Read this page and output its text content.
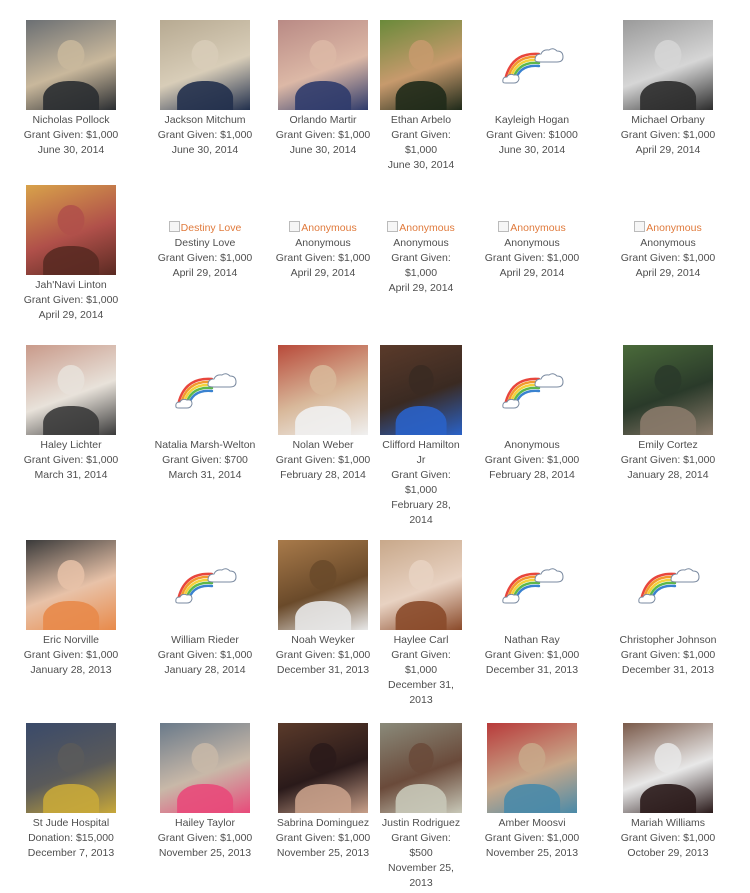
Nicholas Pollock
Grant Given: $1,000
June 30, 2014
Jackson Mitchum
Grant Given: $1,000
June 30, 2014
Orlando Martir
Grant Given: $1,000
June 30, 2014
Ethan Arbelo
Grant Given: $1,000
June 30, 2014
Kayleigh Hogan
Grant Given: $1000
June 30, 2014
Michael Orbany
Grant Given: $1,000
April 29, 2014
Jah'Navi Linton
Grant Given: $1,000
April 29, 2014
Destiny Love
Destiny Love
Grant Given: $1,000
April 29, 2014
Anonymous
Anonymous
Grant Given: $1,000
April 29, 2014
Anonymous
Anonymous
Grant Given: $1,000
April 29, 2014
Anonymous
Anonymous
Grant Given: $1,000
April 29, 2014
Anonymous
Anonymous
Grant Given: $1,000
April 29, 2014
Haley Lichter
Grant Given: $1,000
March 31, 2014
Natalia Marsh-Welton
Grant Given: $700
March 31, 2014
Nolan Weber
Grant Given: $1,000
February 28, 2014
Clifford Hamilton Jr
Grant Given: $1,000
February 28, 2014
Anonymous
Grant Given: $1,000
February 28, 2014
Emily Cortez
Grant Given: $1,000
January 28, 2014
Eric Norville
Grant Given: $1,000
January 28, 2013
William Rieder
Grant Given: $1,000
January 28, 2014
Noah Weyker
Grant Given: $1,000
December 31, 2013
Haylee Carl
Grant Given: $1,000
December 31, 2013
Nathan Ray
Grant Given: $1,000
December 31, 2013
Christopher Johnson
Grant Given: $1,000
December 31, 2013
St Jude Hospital
Donation: $15,000
December 7, 2013
Hailey Taylor
Grant Given: $1,000
November 25, 2013
Sabrina Dominguez
Grant Given: $1,000
November 25, 2013
Justin Rodriguez
Grant Given: $500
November 25, 2013
Amber Moosvi
Grant Given: $1,000
November 25, 2013
Mariah Williams
Grant Given: $1,000
October 29, 2013
